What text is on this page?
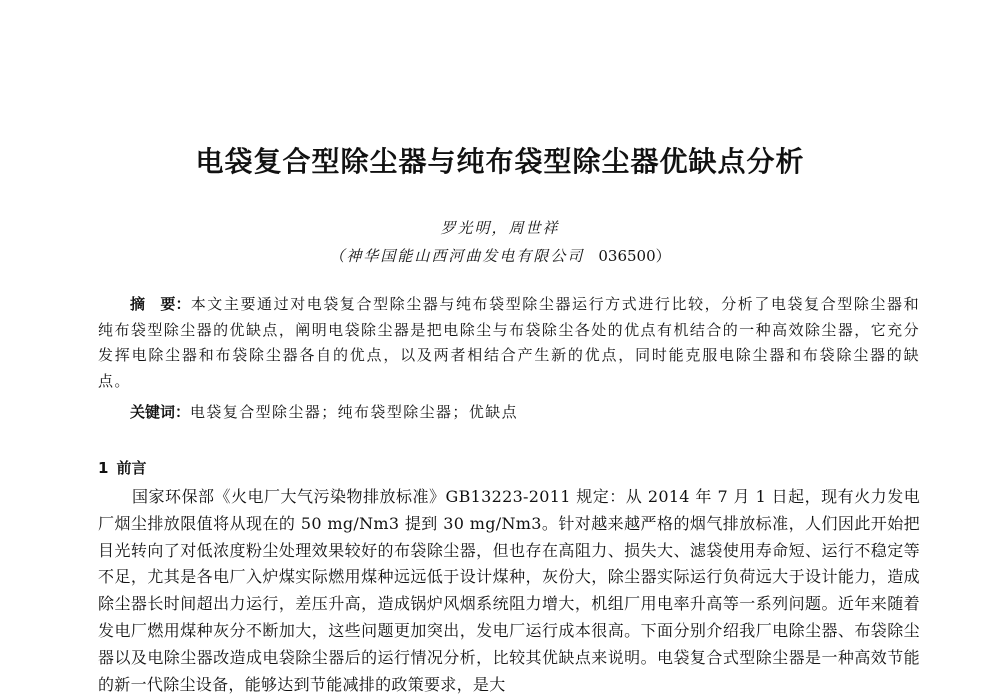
电袋复合型除尘器与纯布袋型除尘器优缺点分析
罗光明，周世祥
（神华国能山西河曲发电有限公司 036500）
摘　要：本文主要通过对电袋复合型除尘器与纯布袋型除尘器运行方式进行比较，分析了电袋复合型除尘器和纯布袋型除尘器的优缺点，阐明电袋除尘器是把电除尘与布袋除尘各处的优点有机结合的一种高效除尘器，它充分发挥电除尘器和布袋除尘器各自的优点，以及两者相结合产生新的优点，同时能克服电除尘器和布袋除尘器的缺点。
关键词：电袋复合型除尘器；纯布袋型除尘器；优缺点
1 前言
国家环保部《火电厂大气污染物排放标准》GB13223-2011 规定：从 2014 年 7 月 1 日起，现有火力发电厂烟尘排放限值将从现在的 50 mg/Nm3 提到 30 mg/Nm3。针对越来越严格的烟气排放标准，人们因此开始把目光转向了对低浓度粉尘处理效果较好的布袋除尘器，但也存在高阻力、损失大、滤袋使用寿命短、运行不稳定等不足，尤其是各电厂入炉煤实际燃用煤种远远低于设计煤种，灰份大，除尘器实际运行负荷远大于设计能力，造成除尘器长时间超出力运行，差压升高，造成锅炉风烟系统阻力增大，机组厂用电率升高等一系列问题。近年来随着发电厂燃用煤种灰分不断加大，这些问题更加突出，发电厂运行成本很高。下面分别介绍我厂电除尘器、布袋除尘器以及电除尘器改造成电袋除尘器后的运行情况分析，比较其优缺点来说明。电袋复合式型除尘器是一种高效节能的新一代除尘设备，能够达到节能减排的政策要求，是大
